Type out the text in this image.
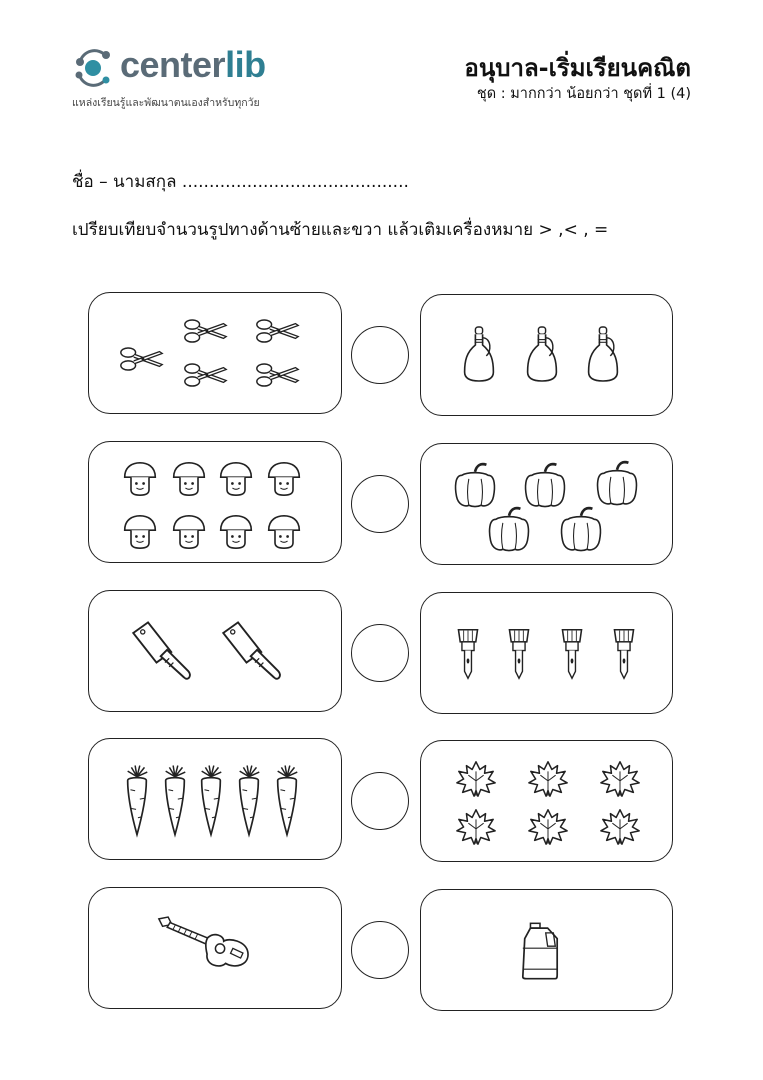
centerlib
แหล่งเรียนรู้และพัฒนาตนเองสำหรับทุกวัย
อนุบาล-เริ่มเรียนคณิต
ชุด : มากกว่า น้อยกว่า ชุดที่ 1 (4)
ชื่อ – นามสกุล ..........................................
เปรียบเทียบจำนวนรูปทางด้านซ้ายและขวา แล้วเติมเครื่องหมาย > ,< , =
